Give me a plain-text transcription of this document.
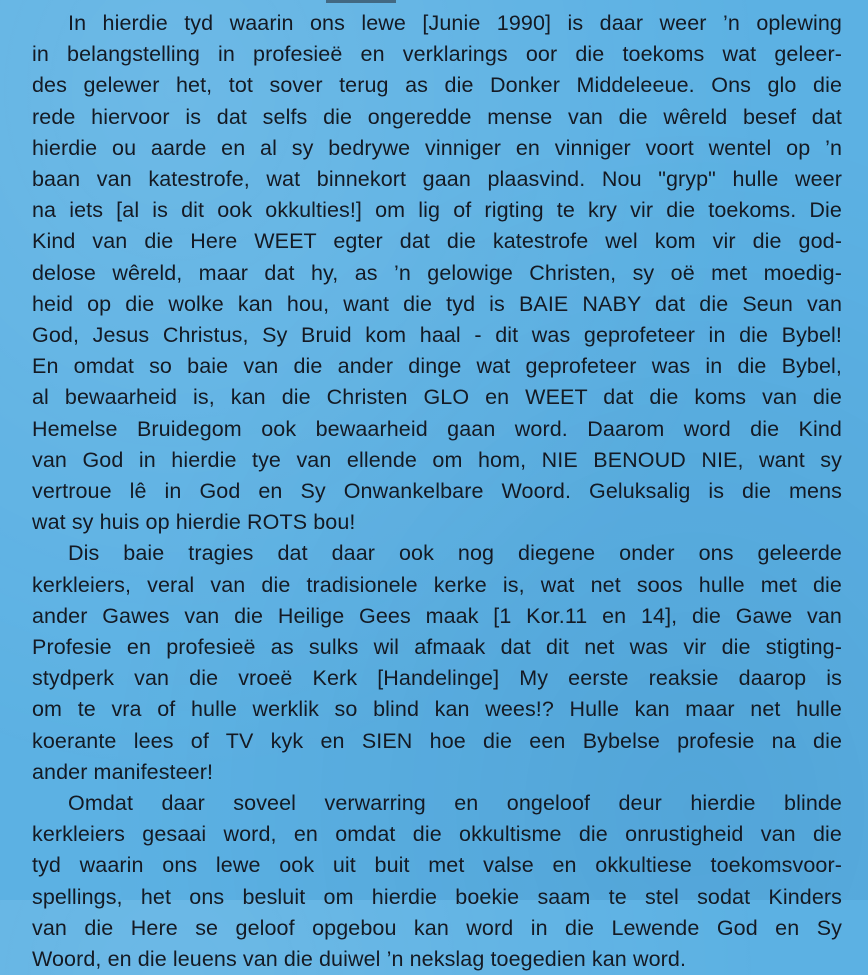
In hierdie tyd waarin ons lewe [Junie 1990] is daar weer ’n oplewing
in belangstelling in profesieë en verklarings oor die toekoms wat geleer-
des gelewer het, tot sover terug as die Donker Middeleeue. Ons glo die
rede hiervoor is dat selfs die ongeredde mense van die wêreld besef dat
hierdie ou aarde en al sy bedrywe vinniger en vinniger voort wentel op ’n
baan van katestrofe, wat binnekort gaan plaasvind. Nou "gryp" hulle weer
na iets [al is dit ook okkulties!] om lig of rigting te kry vir die toekoms. Die
Kind van die Here WEET egter dat die katestrofe wel kom vir die god-
delose wêreld, maar dat hy, as ’n gelowige Christen, sy oë met moedig-
heid op die wolke kan hou, want die tyd is BAIE NABY dat die Seun van
God, Jesus Christus, Sy Bruid kom haal - dit was geprofeteer in die Bybel!
En omdat so baie van die ander dinge wat geprofeteer was in die Bybel,
al bewaarheid is, kan die Christen GLO en WEET dat die koms van die
Hemelse Bruidegom ook bewaarheid gaan word. Daarom word die Kind
van God in hierdie tye van ellende om hom, NIE BENOUD NIE, want sy
vertroue lê in God en Sy Onwankelbare Woord. Geluksalig is die mens
wat sy huis op hierdie ROTS bou!

Dis baie tragies dat daar ook nog diegene onder ons geleerde
kerkleiers, veral van die tradisionele kerke is, wat net soos hulle met die
ander Gawes van die Heilige Gees maak [1 Kor.11 en 14], die Gawe van
Profesie en profesieë as sulks wil afmaak dat dit net was vir die stigting-
stydperk van die vroeë Kerk [Handelinge] My eerste reaksie daarop is
om te vra of hulle werklik so blind kan wees!? Hulle kan maar net hulle
koerante lees of TV kyk en SIEN hoe die een Bybelse profesie na die
ander manifesteer!

Omdat daar soveel verwarring en ongeloof deur hierdie blinde
kerkleiers gesaai word, en omdat die okkultisme die onrustigheid van die
tyd waarin ons lewe ook uit buit met valse en okkultiese toekomsvoor-
spellings, het ons besluit om hierdie boekie saam te stel sodat Kinders
van die Here se geloof opgebou kan word in die Lewende God en Sy
Woord, en die leuens van die duiwel ’n nekslag toegedien kan word.
